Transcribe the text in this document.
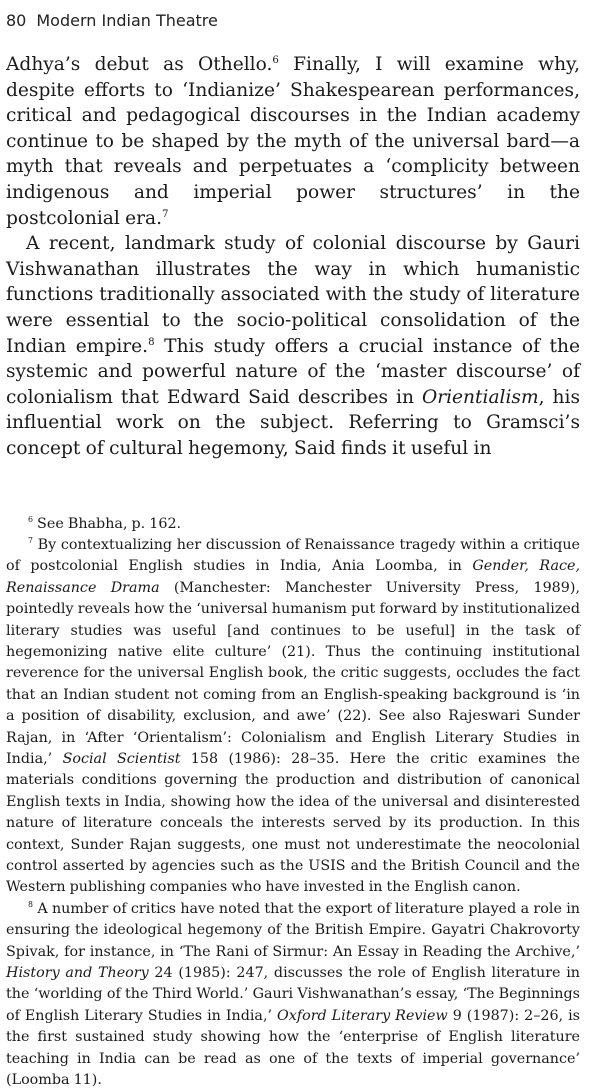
80 Modern Indian Theatre

Adhya’s debut as Othello.$^6$ Finally, I will examine why, despite efforts to ‘Indianize’ Shakespearean performances, critical and pedagogical discourses in the Indian academy continue to be shaped by the myth of the universal bard—a myth that reveals and perpetuates a ‘complicity between indigenous and imperial power structures’ in the postcolonial era.$^7$

A recent, landmark study of colonial discourse by Gauri Vishwanathan illustrates the way in which humanistic functions traditionally associated with the study of literature were essential to the socio-political consolidation of the Indian empire.$^8$ This study offers a crucial instance of the systemic and powerful nature of the ‘master discourse’ of colonialism that Edward Said describes in Orientialism, his influential work on the subject. Referring to Gramsci’s concept of cultural hegemony, Said finds it useful in

$^6$ See Bhabha, p. 162.

$^7$ By contextualizing her discussion of Renaissance tragedy within a critique of postcolonial English studies in India, Ania Loomba, in Gender, Race, Renaissance Drama (Manchester: Manchester University Press, 1989), pointedly reveals how the ‘universal humanism put forward by institutionalized literary studies was useful [and continues to be useful] in the task of hegemonizing native elite culture’ (21). Thus the continuing institutional reverence for the universal English book, the critic suggests, occludes the fact that an Indian student not coming from an English-speaking background is ‘in a position of disability, exclusion, and awe’ (22). See also Rajeswari Sunder Rajan, in ‘After ‘Orientalism’: Colonialism and English Literary Studies in India,’ Social Scientist 158 (1986): 28–35. Here the critic examines the materials conditions governing the production and distribution of canonical English texts in India, showing how the idea of the universal and disinterested nature of literature conceals the interests served by its production. In this context, Sunder Rajan suggests, one must not underestimate the neocolonial control asserted by agencies such as the USIS and the British Council and the Western publishing companies who have invested in the English canon.

$^8$ A number of critics have noted that the export of literature played a role in ensuring the ideological hegemony of the British Empire. Gayatri Chakrovorty Spivak, for instance, in ‘The Rani of Sirmur: An Essay in Reading the Archive,’ History and Theory 24 (1985): 247, discusses the role of English literature in the ‘worlding of the Third World.’ Gauri Vishwanathan’s essay, ‘The Beginnings of English Literary Studies in India,’ Oxford Literary Review 9 (1987): 2–26, is the first sustained study showing how the ‘enterprise of English literature teaching in India can be read as one of the texts of imperial governance’ (Loomba 11).
